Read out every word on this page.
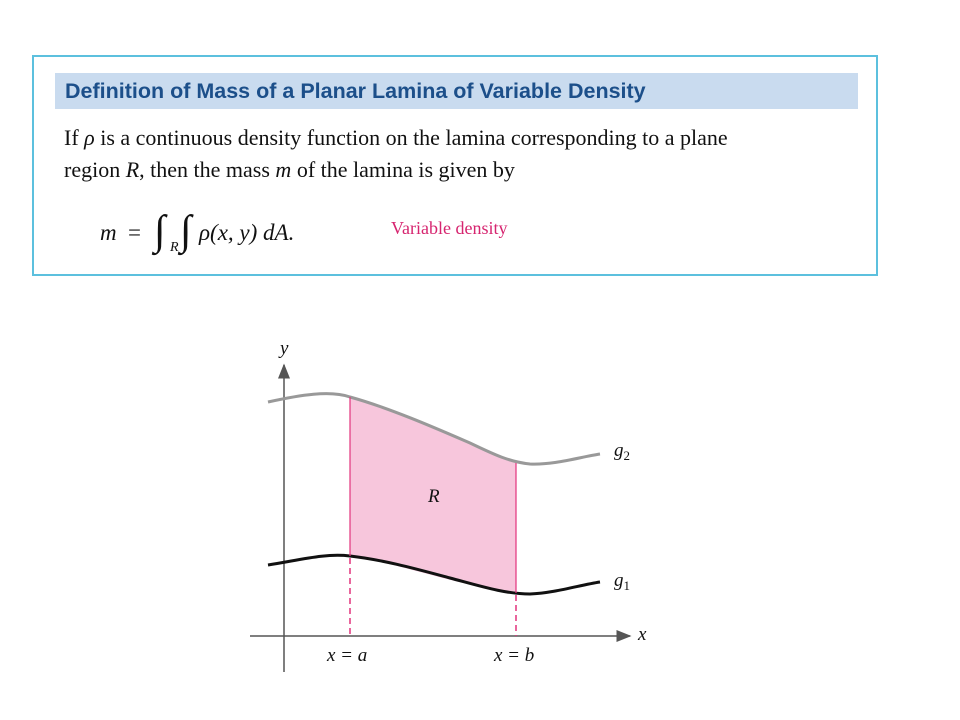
Definition of Mass of a Planar Lamina of Variable Density
If ρ is a continuous density function on the lamina corresponding to a plane
region R, then the mass m of the lamina is given by
m = ∫ R ∫ ρ(x, y) dA.	Variable density
y
x
R
$g_2$
$g_1$
x = a	x = b
